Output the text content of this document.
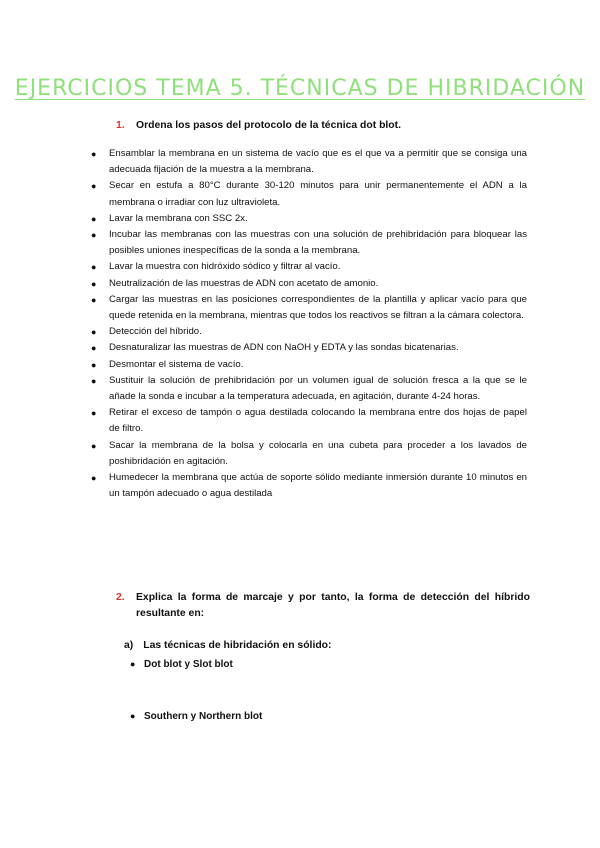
EJERCICIOS TEMA 5. TÉCNICAS DE HIBRIDACIÓN
1. Ordena los pasos del protocolo de la técnica dot blot.
● Ensamblar la membrana en un sistema de vacío que es el que va a permitir que se consiga una adecuada fijación de la muestra a la membrana.
● Secar en estufa a 80°C durante 30-120 minutos para unir permanentemente el ADN a la membrana o irradiar con luz ultravioleta.
● Lavar la membrana con SSC 2x.
● Incubar las membranas con las muestras con una solución de prehibridación para bloquear las posibles uniones inespecíficas de la sonda a la membrana.
● Lavar la muestra con hidróxido sódico y filtrar al vacío.
● Neutralización de las muestras de ADN con acetato de amonio.
● Cargar las muestras en las posiciones correspondientes de la plantilla y aplicar vacío para que quede retenida en la membrana, mientras que todos los reactivos se filtran a la cámara colectora.
● Detección del híbrido.
● Desnaturalizar las muestras de ADN con NaOH y EDTA y las sondas bicatenarias.
● Desmontar el sistema de vacío.
● Sustituir la solución de prehibridación por un volumen igual de solución fresca a la que se le añade la sonda e incubar a la temperatura adecuada, en agitación, durante 4-24 horas.
● Retirar el exceso de tampón o agua destilada colocando la membrana entre dos hojas de papel de filtro.
● Sacar la membrana de la bolsa y colocarla en una cubeta para proceder a los lavados de poshibridación en agitación.
● Humedecer la membrana que actúa de soporte sólido mediante inmersión durante 10 minutos en un tampón adecuado o agua destilada
2. Explica la forma de marcaje y por tanto, la forma de detección del híbrido resultante en:
a) Las técnicas de hibridación en sólido:
● Dot blot y Slot blot
● Southern y Northern blot
